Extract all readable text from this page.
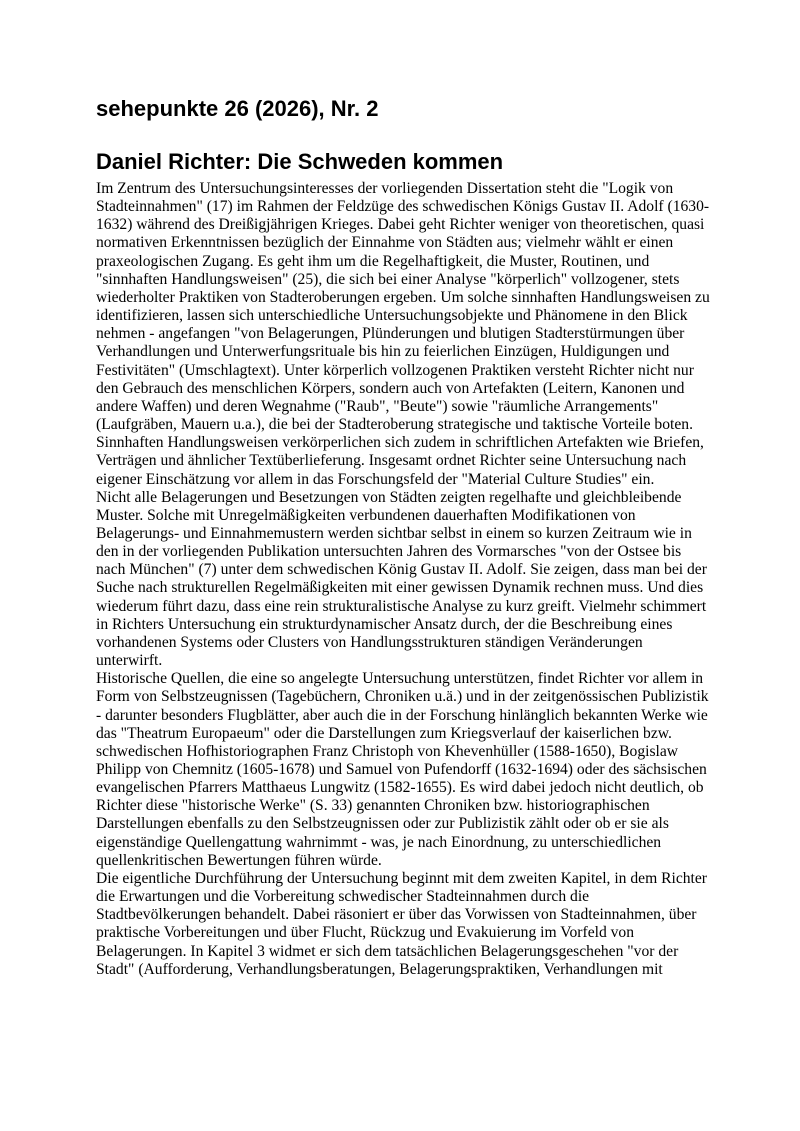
sehepunkte 26 (2026), Nr. 2
Daniel Richter: Die Schweden kommen

Im Zentrum des Untersuchungsinteresses der vorliegenden Dissertation steht die "Logik von Stadteinnahmen" (17) im Rahmen der Feldzüge des schwedischen Königs Gustav II. Adolf (1630-1632) während des Dreißigjährigen Krieges. Dabei geht Richter weniger von theoretischen, quasi normativen Erkenntnissen bezüglich der Einnahme von Städten aus; vielmehr wählt er einen praxeologischen Zugang. Es geht ihm um die Regelhaftigkeit, die Muster, Routinen, und "sinnhaften Handlungsweisen" (25), die sich bei einer Analyse "körperlich" vollzogener, stets wiederholter Praktiken von Stadteroberungen ergeben. Um solche sinnhaften Handlungsweisen zu identifizieren, lassen sich unterschiedliche Untersuchungsobjekte und Phänomene in den Blick nehmen - angefangen "von Belagerungen, Plünderungen und blutigen Stadterstürmungen über Verhandlungen und Unterwerfungsrituale bis hin zu feierlichen Einzügen, Huldigungen und Festivitäten" (Umschlagtext). Unter körperlich vollzogenen Praktiken versteht Richter nicht nur den Gebrauch des menschlichen Körpers, sondern auch von Artefakten (Leitern, Kanonen und andere Waffen) und deren Wegnahme ("Raub", "Beute") sowie "räumliche Arrangements" (Laufgräben, Mauern u.a.), die bei der Stadteroberung strategische und taktische Vorteile boten. Sinnhaften Handlungsweisen verkörperlichen sich zudem in schriftlichen Artefakten wie Briefen, Verträgen und ähnlicher Textüberlieferung. Insgesamt ordnet Richter seine Untersuchung nach eigener Einschätzung vor allem in das Forschungsfeld der "Material Culture Studies" ein.

Nicht alle Belagerungen und Besetzungen von Städten zeigten regelhafte und gleichbleibende Muster. Solche mit Unregelmäßigkeiten verbundenen dauerhaften Modifikationen von Belagerungs- und Einnahmemustern werden sichtbar selbst in einem so kurzen Zeitraum wie in den in der vorliegenden Publikation untersuchten Jahren des Vormarsches "von der Ostsee bis nach München" (7) unter dem schwedischen König Gustav II. Adolf. Sie zeigen, dass man bei der Suche nach strukturellen Regelmäßigkeiten mit einer gewissen Dynamik rechnen muss. Und dies wiederum führt dazu, dass eine rein strukturalistische Analyse zu kurz greift. Vielmehr schimmert in Richters Untersuchung ein strukturdynamischer Ansatz durch, der die Beschreibung eines vorhandenen Systems oder Clusters von Handlungsstrukturen ständigen Veränderungen unterwirft.

Historische Quellen, die eine so angelegte Untersuchung unterstützen, findet Richter vor allem in Form von Selbstzeugnissen (Tagebüchern, Chroniken u.ä.) und in der zeitgenössischen Publizistik - darunter besonders Flugblätter, aber auch die in der Forschung hinlänglich bekannten Werke wie das "Theatrum Europaeum" oder die Darstellungen zum Kriegsverlauf der kaiserlichen bzw. schwedischen Hofhistoriographen Franz Christoph von Khevenhüller (1588-1650), Bogislaw Philipp von Chemnitz (1605-1678) und Samuel von Pufendorff (1632-1694) oder des sächsischen evangelischen Pfarrers Matthaeus Lungwitz (1582-1655). Es wird dabei jedoch nicht deutlich, ob Richter diese "historische Werke" (S. 33) genannten Chroniken bzw. historiographischen Darstellungen ebenfalls zu den Selbstzeugnissen oder zur Publizistik zählt oder ob er sie als eigenständige Quellengattung wahrnimmt - was, je nach Einordnung, zu unterschiedlichen quellenkritischen Bewertungen führen würde.

Die eigentliche Durchführung der Untersuchung beginnt mit dem zweiten Kapitel, in dem Richter die Erwartungen und die Vorbereitung schwedischer Stadteinnahmen durch die Stadtbevölkerungen behandelt. Dabei räsoniert er über das Vorwissen von Stadteinnahmen, über praktische Vorbereitungen und über Flucht, Rückzug und Evakuierung im Vorfeld von Belagerungen. In Kapitel 3 widmet er sich dem tatsächlichen Belagerungsgeschehen "vor der Stadt" (Aufforderung, Verhandlungsberatungen, Belagerungspraktiken, Verhandlungen mit
